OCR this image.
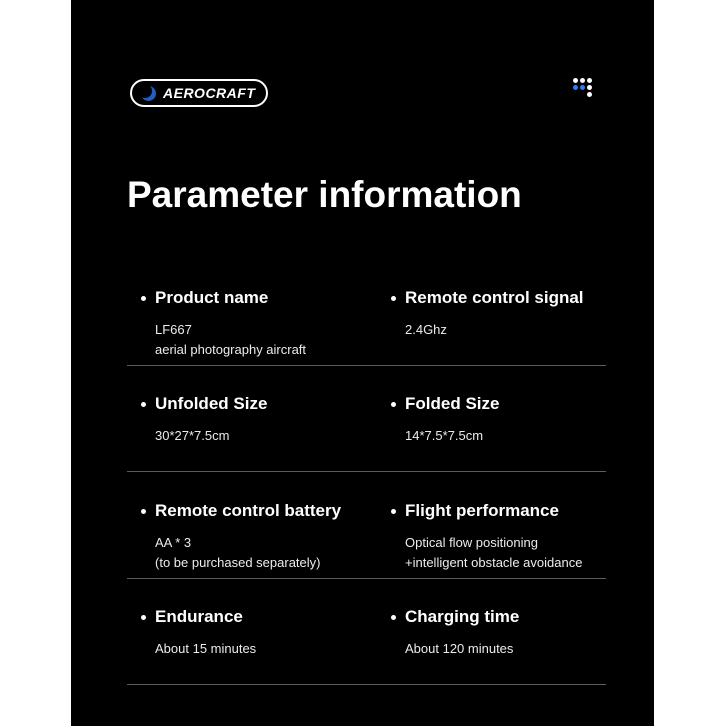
AEROCRAFT
Parameter information
Product name
LF667
aerial photography aircraft
Remote control signal
2.4Ghz
Unfolded Size
30*27*7.5cm
Folded Size
14*7.5*7.5cm
Remote control battery
AA * 3
(to be purchased separately)
Flight performance
Optical flow positioning
+intelligent obstacle avoidance
Endurance
About 15 minutes
Charging time
About 120 minutes
